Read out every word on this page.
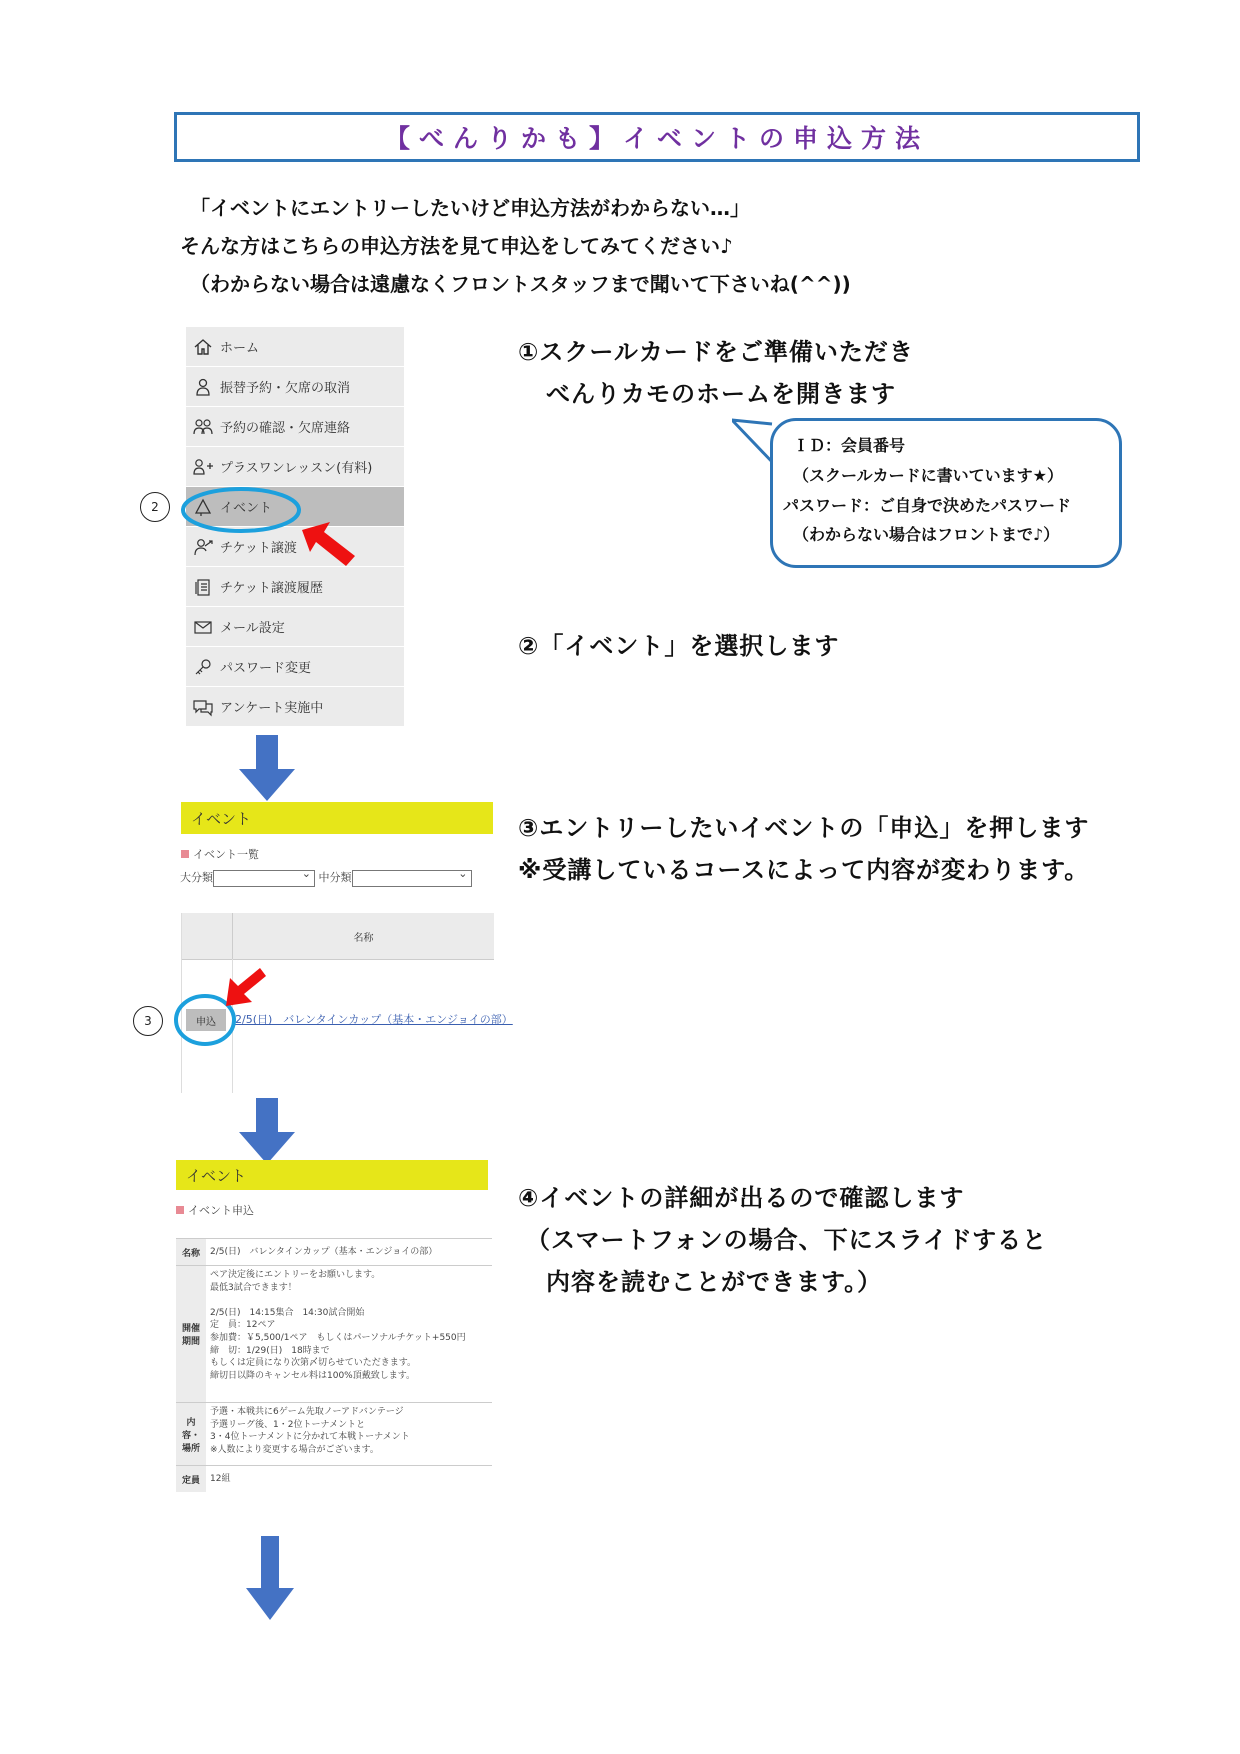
【べんりかも】イベントの申込方法
「イベントにエントリーしたいけど申込方法がわからない…」
そんな方はこちらの申込方法を見て申込をしてみてください♪
（わからない場合は遠慮なくフロントスタッフまで聞いて下さいね(^^))
ホーム
振替予約・欠席の取消
予約の確認・欠席連絡
プラスワンレッスン(有料)
イベント
チケット譲渡
チケット譲渡履歴
メール設定
パスワード変更
アンケート実施中
2
①スクールカードをご準備いただき
べんりカモのホームを開きます
ＩＤ：会員番号
（スクールカードに書いています★）
パスワード：ご自身で決めたパスワード
（わからない場合はフロントまで♪）
②「イベント」を選択します
イベント
イベント一覧
大分類⌄	中分類⌄
名称
申込	2/5(日)　バレンタインカップ（基本・エンジョイの部）
3
③エントリーしたいイベントの「申込」を押します
※受講しているコースによって内容が変わります。
イベント
イベント申込
名称	2/5(日)　バレンタインカップ（基本・エンジョイの部）
開催
期間
ペア決定後にエントリーをお願いします。
最低3試合できます！
2/5(日)　14:15集合　14:30試合開始
定　員：12ペア
参加費：￥5,500/1ペア　もしくはパーソナルチケット+550円
締　切：1/29(日)　18時まで
もしくは定員になり次第〆切らせていただきます。
締切日以降のキャンセル料は100%頂戴致します。
内
容・
場所
予選・本戦共に6ゲーム先取ノーアドバンテージ
予選リーグ後、1・2位トーナメントと
3・4位トーナメントに分かれて本戦トーナメント
※人数により変更する場合がございます。
定員	12組
④イベントの詳細が出るので確認します
（スマートフォンの場合、下にスライドすると
内容を読むことができます。）
